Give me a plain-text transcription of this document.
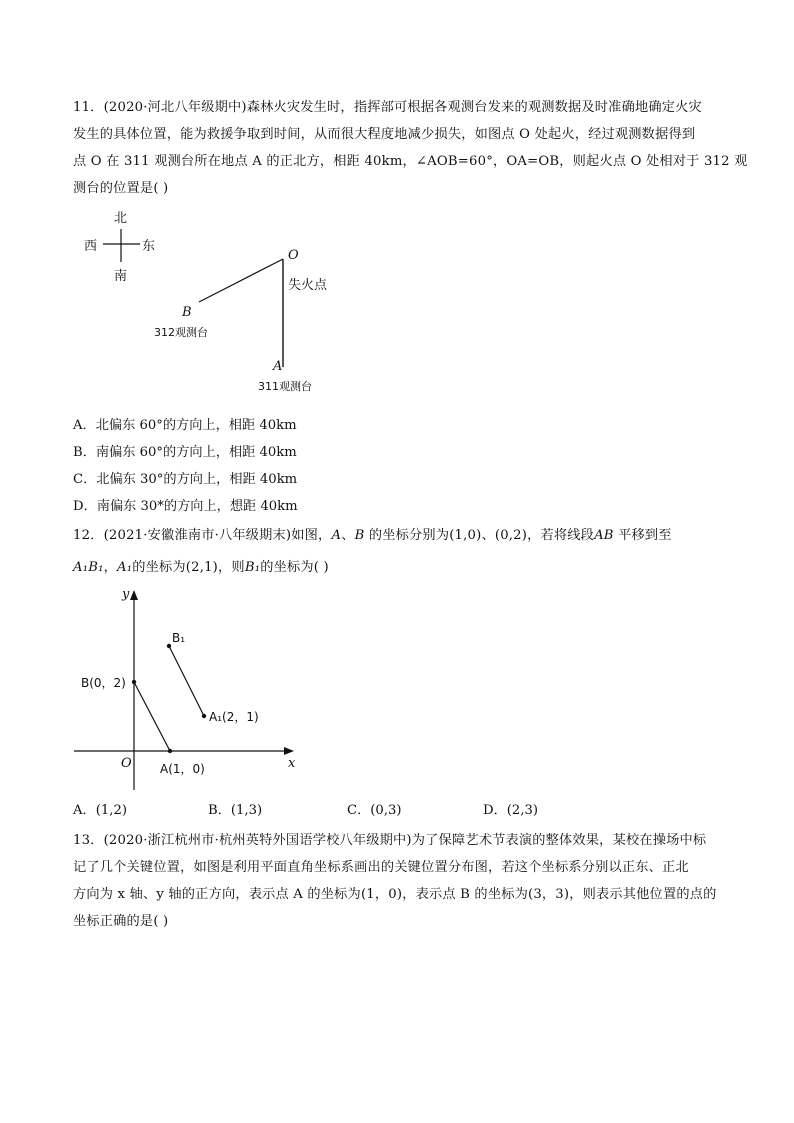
11．(2020·河北八年级期中)森林火灾发生时，指挥部可根据各观测台发来的观测数据及时准确地确定火灾
发生的具体位置，能为救援争取到时间，从而很大程度地减少损失，如图点 O 处起火，经过观测数据得到
点 O 在 311 观测台所在地点 A 的正北方，相距 40km，∠AOB=60°，OA=OB，则起火点 O 处相对于 312 观
测台的位置是( )
北
南
西	东
O
B
A
失火点
312观测台
311观测台
A．北偏东 60°的方向上，相距 40km
B．南偏东 60°的方向上，相距 40km
C．北偏东 30°的方向上，相距 40km
D．南偏东 30*的方向上，想距 40km
12．(2021·安徽淮南市·八年级期末)如图，A、B 的坐标分别为(1,0)、(0,2)，若将线段AB 平移到至
A₁B₁，A₁的坐标为(2,1)，则B₁的坐标为( )
x
y
O
B(0，2)
A(1，0)
A₁(2，1)
B₁
A．(1,2)	B．(1,3)	C．(0,3)	D．(2,3)
13．(2020·浙江杭州市·杭州英特外国语学校八年级期中)为了保障艺术节表演的整体效果，某校在操场中标
记了几个关键位置，如图是利用平面直角坐标系画出的关键位置分布图，若这个坐标系分别以正东、正北
方向为 x 轴、y 轴的正方向，表示点 A 的坐标为(1，0)，表示点 B 的坐标为(3，3)，则表示其他位置的点的
坐标正确的是( )
